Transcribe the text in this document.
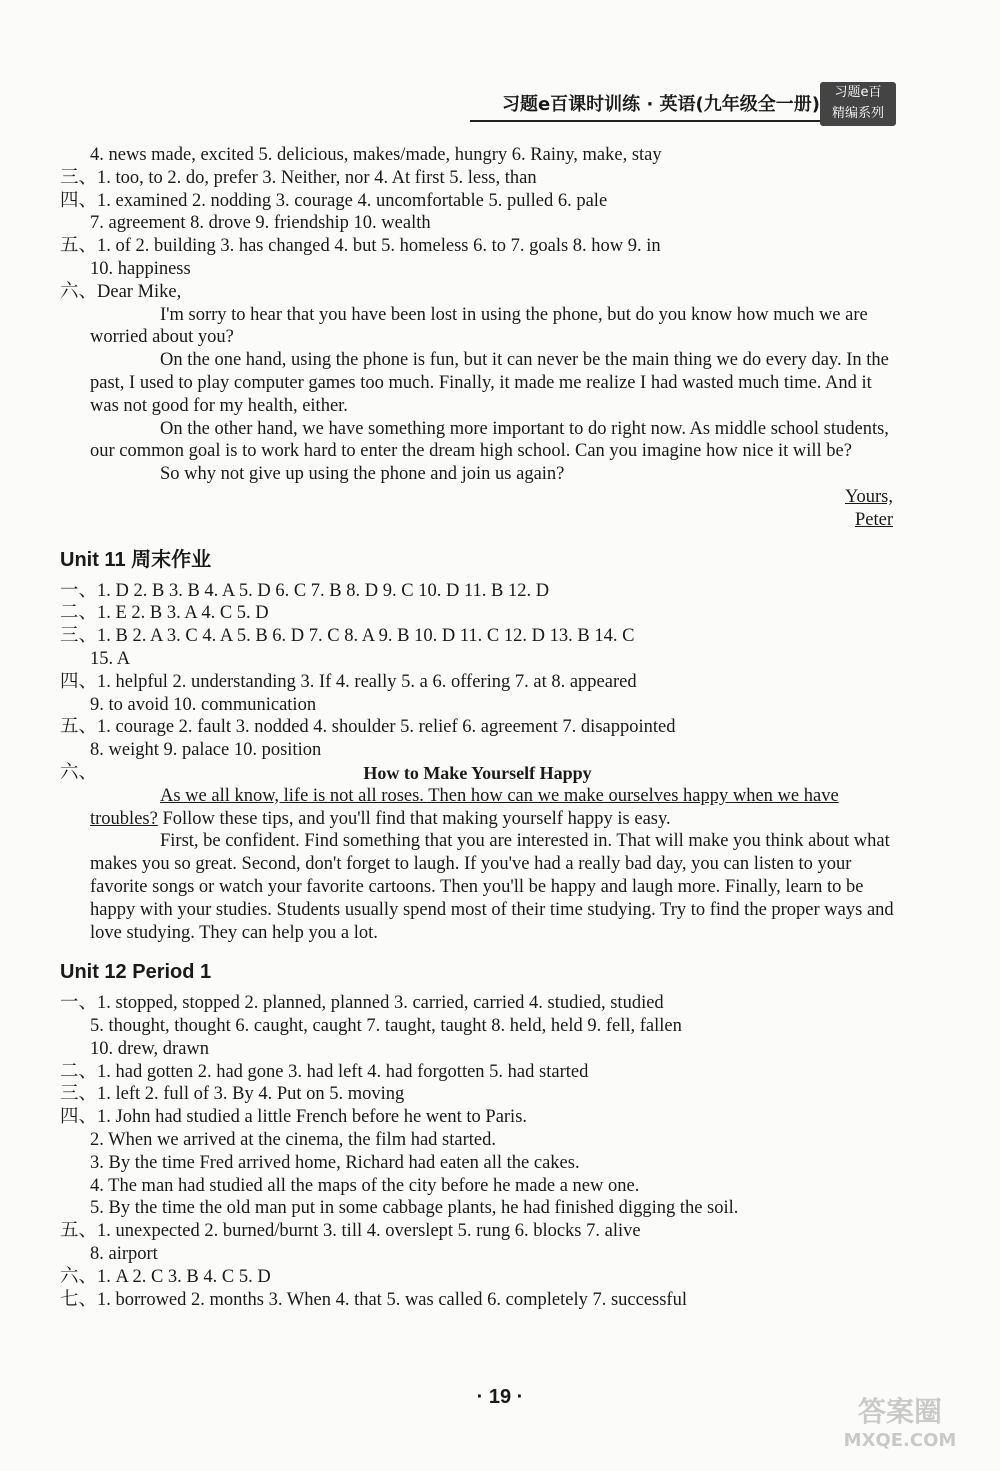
习题e百课时训练 · 英语(九年级全一册)
习题e百
精编系列
4. news made, excited 5. delicious, makes/made, hungry 6. Rainy, make, stay
三、1. too, to 2. do, prefer 3. Neither, nor 4. At first 5. less, than
四、1. examined 2. nodding 3. courage 4. uncomfortable 5. pulled 6. pale
7. agreement 8. drove 9. friendship 10. wealth
五、1. of 2. building 3. has changed 4. but 5. homeless 6. to 7. goals 8. how 9. in
10. happiness
六、Dear Mike,
I'm sorry to hear that you have been lost in using the phone, but do you know how much we are worried about you?
On the one hand, using the phone is fun, but it can never be the main thing we do every day. In the past, I used to play computer games too much. Finally, it made me realize I had wasted much time. And it was not good for my health, either.
On the other hand, we have something more important to do right now. As middle school students, our common goal is to work hard to enter the dream high school. Can you imagine how nice it will be?
So why not give up using the phone and join us again?
Yours,
Peter
Unit 11 周末作业
一、1. D 2. B 3. B 4. A 5. D 6. C 7. B 8. D 9. C 10. D 11. B 12. D
二、1. E 2. B 3. A 4. C 5. D
三、1. B 2. A 3. C 4. A 5. B 6. D 7. C 8. A 9. B 10. D 11. C 12. D 13. B 14. C
15. A
四、1. helpful 2. understanding 3. If 4. really 5. a 6. offering 7. at 8. appeared
9. to avoid 10. communication
五、1. courage 2. fault 3. nodded 4. shoulder 5. relief 6. agreement 7. disappointed
8. weight 9. palace 10. position
六、	How to Make Yourself Happy
As we all know, life is not all roses. Then how can we make ourselves happy when we have troubles? Follow these tips, and you'll find that making yourself happy is easy.
First, be confident. Find something that you are interested in. That will make you think about what makes you so great. Second, don't forget to laugh. If you've had a really bad day, you can listen to your favorite songs or watch your favorite cartoons. Then you'll be happy and laugh more. Finally, learn to be happy with your studies. Students usually spend most of their time studying. Try to find the proper ways and love studying. They can help you a lot.
Unit 12 Period 1
一、1. stopped, stopped 2. planned, planned 3. carried, carried 4. studied, studied
5. thought, thought 6. caught, caught 7. taught, taught 8. held, held 9. fell, fallen
10. drew, drawn
二、1. had gotten 2. had gone 3. had left 4. had forgotten 5. had started
三、1. left 2. full of 3. By 4. Put on 5. moving
四、1. John had studied a little French before he went to Paris.
2. When we arrived at the cinema, the film had started.
3. By the time Fred arrived home, Richard had eaten all the cakes.
4. The man had studied all the maps of the city before he made a new one.
5. By the time the old man put in some cabbage plants, he had finished digging the soil.
五、1. unexpected 2. burned/burnt 3. till 4. overslept 5. rung 6. blocks 7. alive
8. airport
六、1. A 2. C 3. B 4. C 5. D
七、1. borrowed 2. months 3. When 4. that 5. was called 6. completely 7. successful
· 19 ·	答案圈
MXQE.COM
